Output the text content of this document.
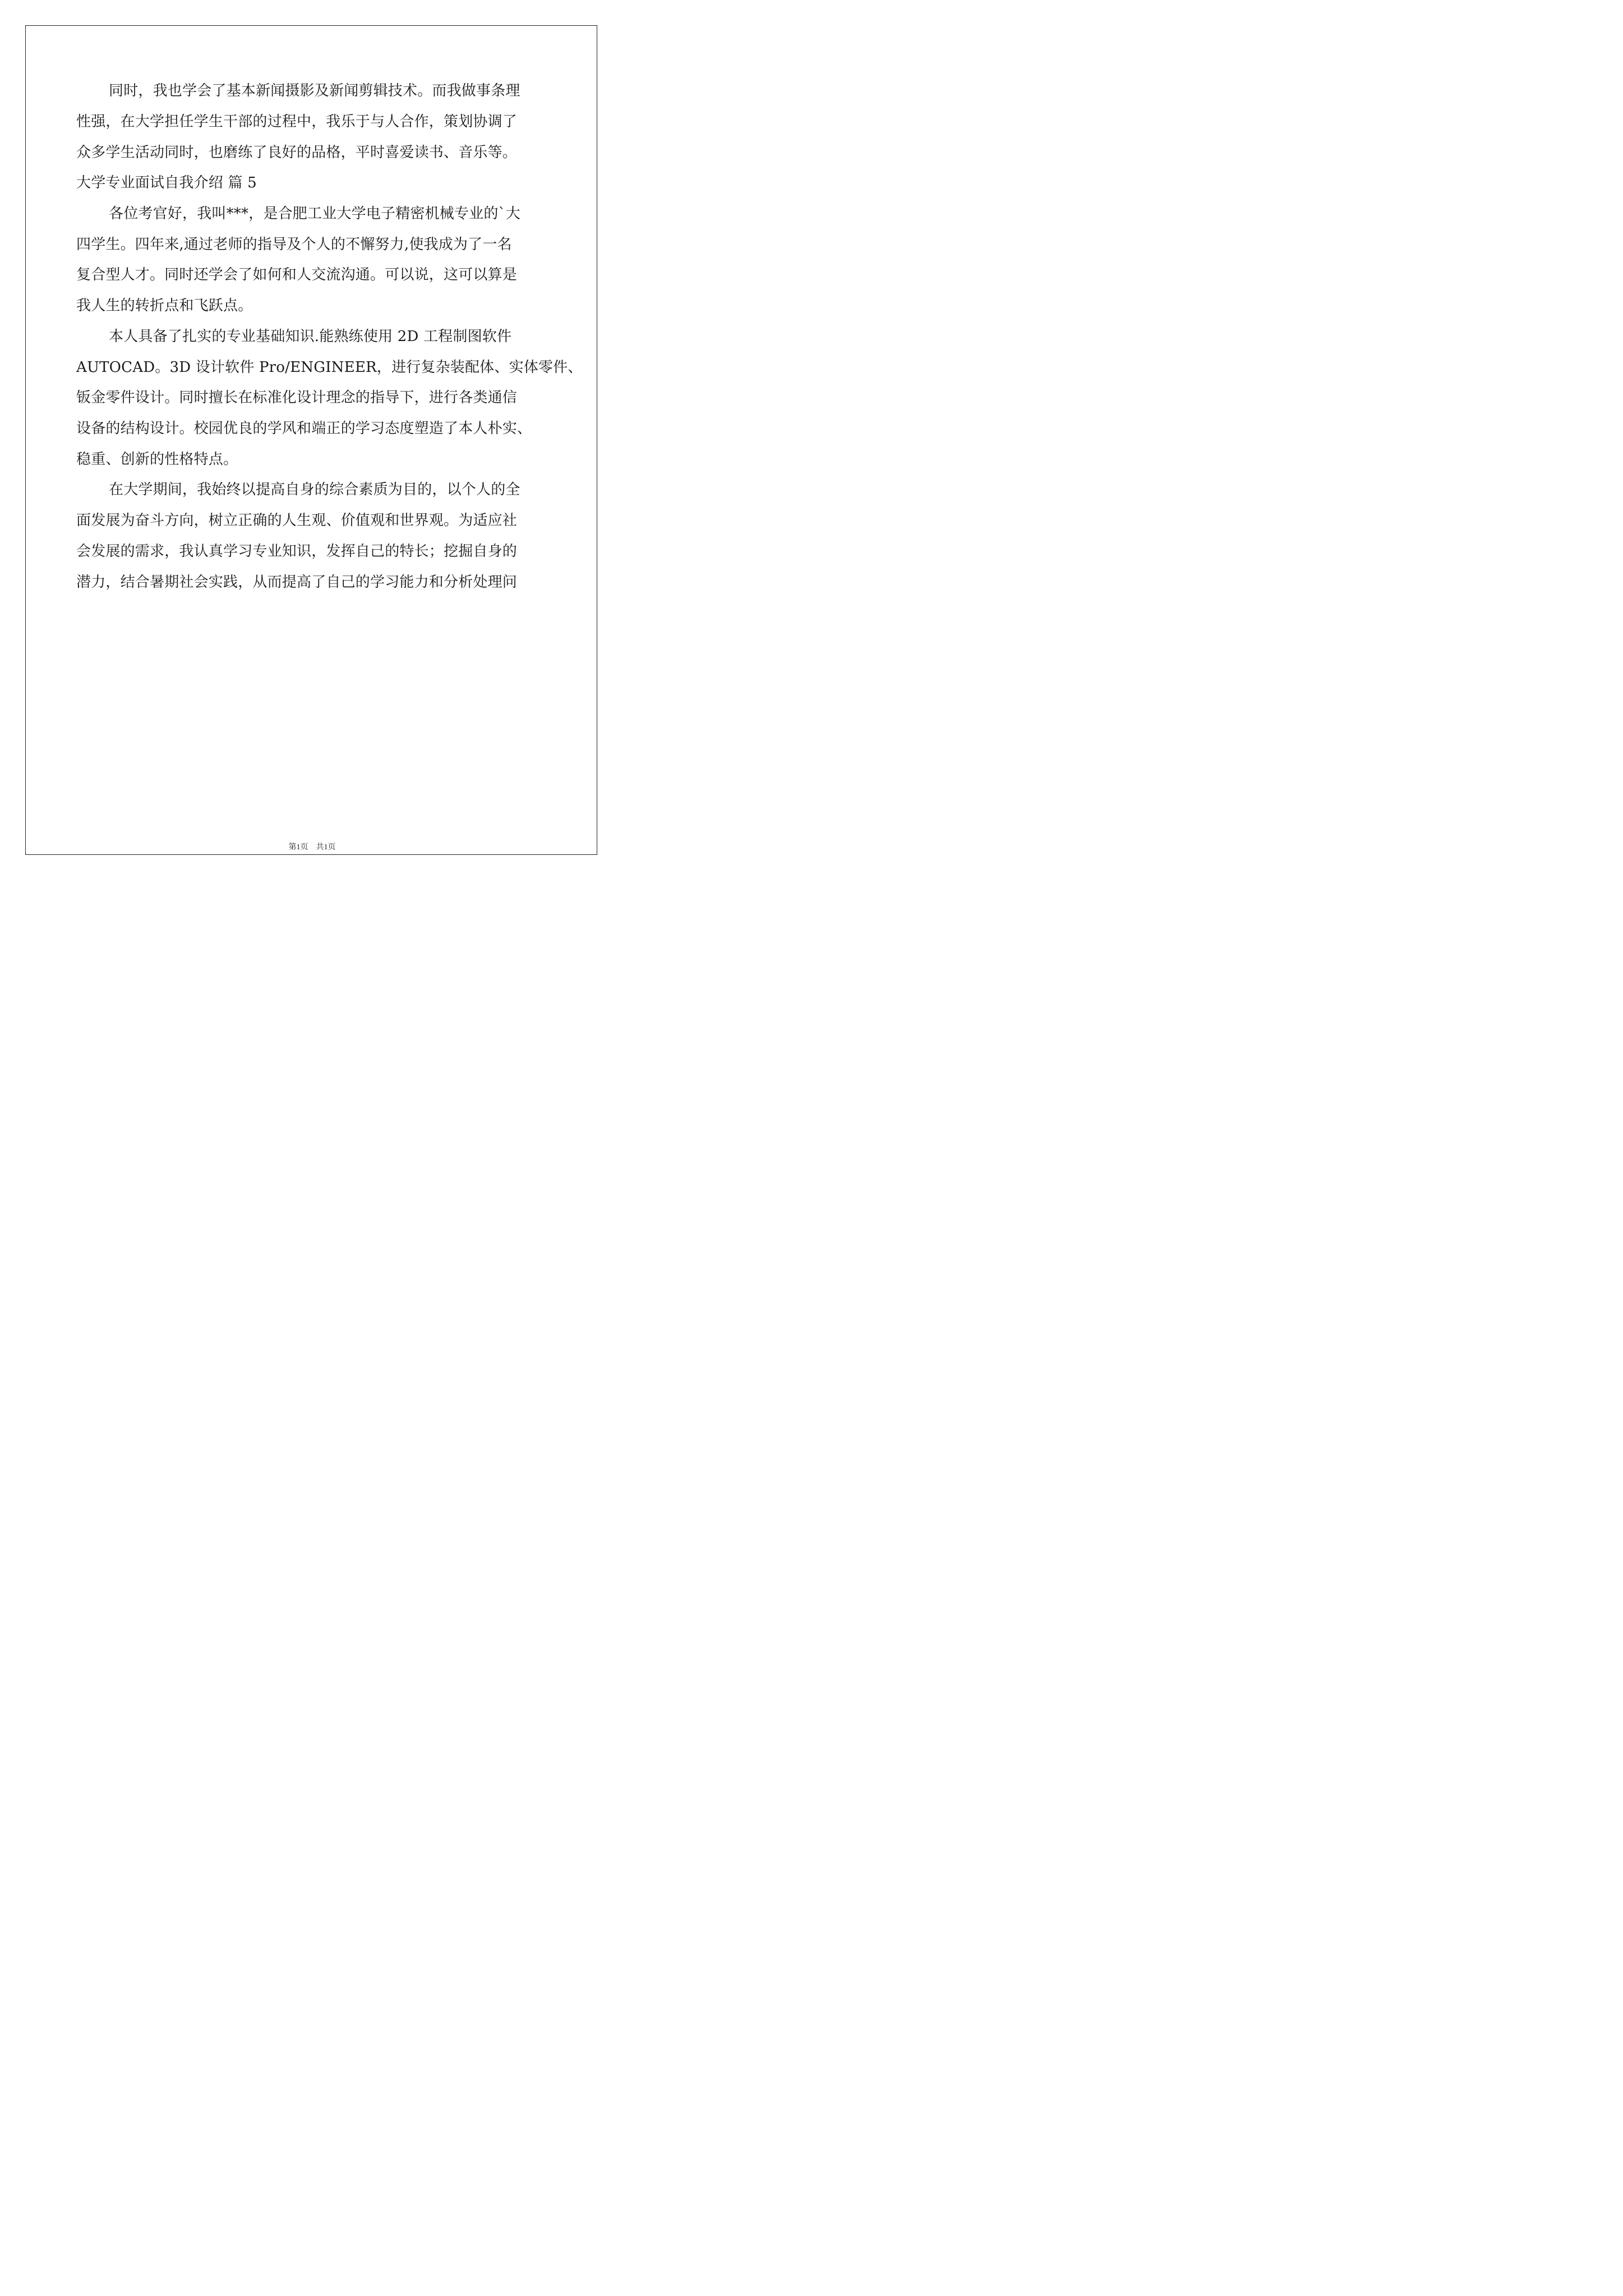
同时，我也学会了基本新闻摄影及新闻剪辑技术。而我做事条理
性强，在大学担任学生干部的过程中，我乐于与人合作，策划协调了
众多学生活动同时，也磨练了良好的品格，平时喜爱读书、音乐等。
大学专业面试自我介绍 篇 5
各位考官好，我叫***，是合肥工业大学电子精密机械专业的`大
四学生。四年来,通过老师的指导及个人的不懈努力,使我成为了一名
复合型人才。同时还学会了如何和人交流沟通。可以说，这可以算是
我人生的转折点和飞跃点。
本人具备了扎实的专业基础知识.能熟练使用 2D 工程制图软件
AUTOCAD。3D 设计软件 Pro/ENGINEER，进行复杂装配体、实体零件、
钣金零件设计。同时擅长在标准化设计理念的指导下，进行各类通信
设备的结构设计。校园优良的学风和端正的学习态度塑造了本人朴实、
稳重、创新的性格特点。
在大学期间，我始终以提高自身的综合素质为目的，以个人的全
面发展为奋斗方向，树立正确的人生观、价值观和世界观。为适应社
会发展的需求，我认真学习专业知识，发挥自己的特长；挖掘自身的
潜力，结合暑期社会实践，从而提高了自己的学习能力和分析处理问
第1页　共1页
